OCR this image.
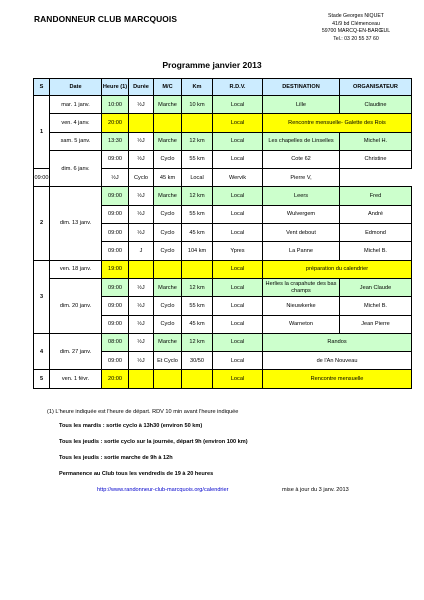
RANDONNEUR CLUB MARCQUOIS	Stade Georges NIQUET
41/9 bd Clémenceau
59700 MARCQ-EN-BARŒUL
Tel.: 03 20 55 37 60
Programme janvier 2013
S	Date	Heure (1)	Durée	M/C	Km	R.D.V.	DESTINATION	ORGANISATEUR
1	mar. 1 janv.	10:00	½J	Marche	10 km	Local	Lille	Claudine
	ven. 4 janv.	20:00				Local	Rencontre mensuelle- Galette des Rois	
	sam. 5 janv.	13:30	½J	Marche	12 km	Local	Les chapelles de Linselles	Michel H.
	dim. 6 janv.	09:00	½J	Cyclo	55 km	Local	Cote 62	Christine
09:00		½J	Cyclo	45 km	Local	Wervik	Pierre V,	
2	dim. 13 janv.	09:00	½J	Marche	12 km	Local	Leers	Fred
		09:00	½J	Cyclo	55 km	Local	Wulvergem	André
		09:00	½J	Cyclo	45 km	Local	Vent debout	Edmond
		09:00	J	Cyclo	104 km	Ypres	La Panne	Michel B.
3	ven. 18 janv.	19:00				Local	préparation du calendrier	
	dim. 20 janv.	09:00	½J	Marche	12 km	Local	Herlies la crapahute des bas champs	Jean Claude
		09:00	½J	Cyclo	55 km	Local	Nieuwkerke	Michel B.
		09:00	½J	Cyclo	45 km	Local	Warneton	Jean Pierre
4	dim. 27 janv.	08:00	½J	Marche	12 km	Local	Randos	
		09:00	½J	Et Cyclo	30/50	Local	de l'An Nouveau	
5	ven. 1 févr.	20:00				Local	Rencontre mensuelle	
(1) L'heure indiquée est l'heure de départ. RDV 10 min avant l'heure indiquée
Tous les mardis : sortie cyclo à 13h30 (environ 50 km)
Tous les jeudis : sortie cyclo sur la journée, départ 9h (environ 100 km)
Tous les jeudis : sortie marche de 9h à 12h
Permanence au Club tous les vendredis de 19 à 20 heures
http://www.randonneur-club-marcquois.org/calendrier	mise à jour du 3 janv. 2013
